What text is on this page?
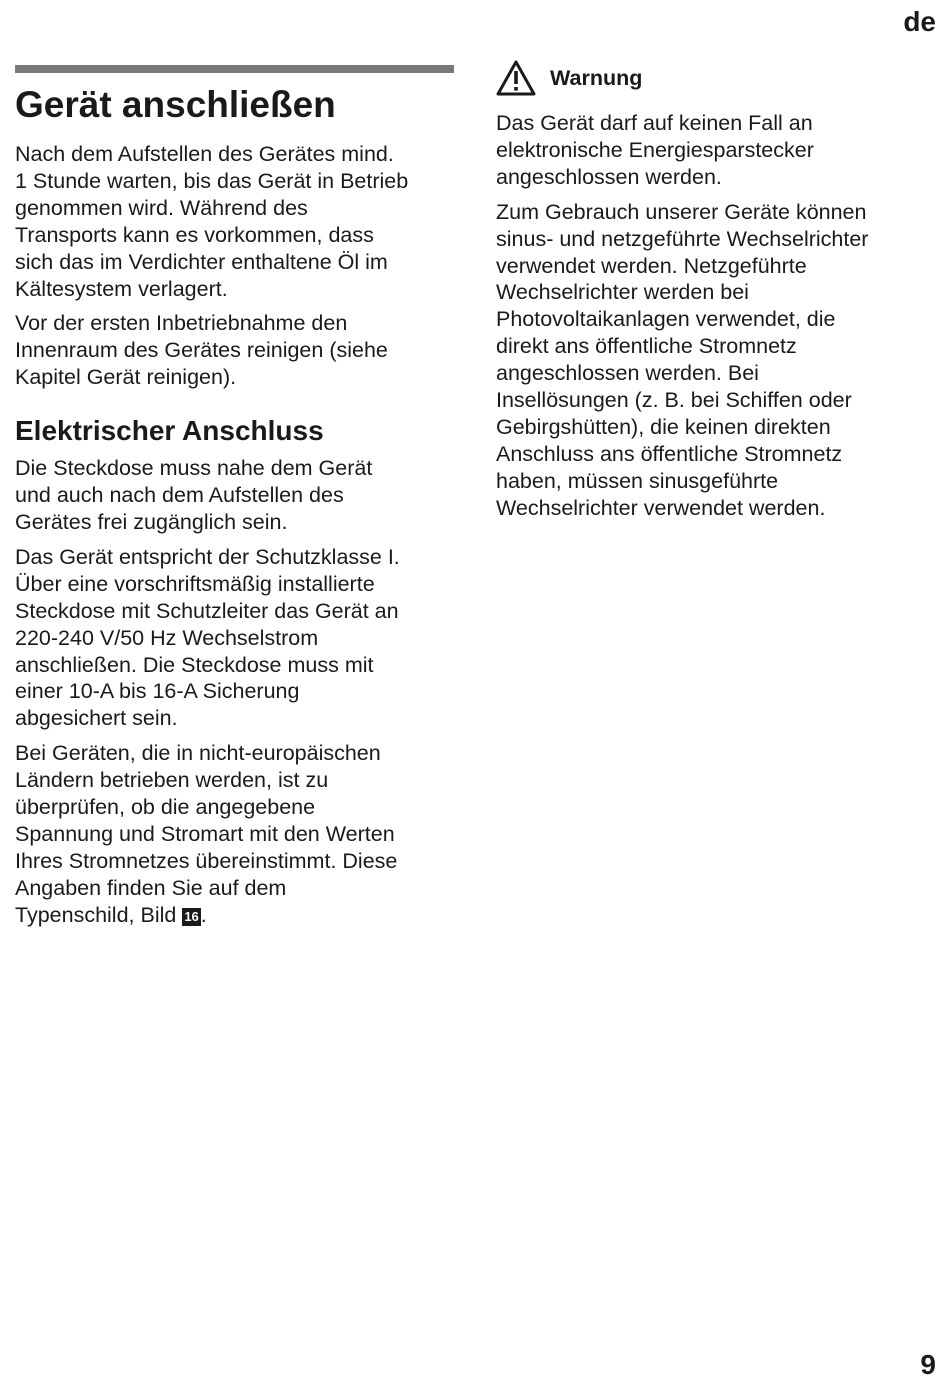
de
Gerät anschließen

Nach dem Aufstellen des Gerätes mind.
1 Stunde warten, bis das Gerät in Betrieb
genommen wird. Während des
Transports kann es vorkommen, dass
sich das im Verdichter enthaltene Öl im
Kältesystem verlagert.

Vor der ersten Inbetriebnahme den
Innenraum des Gerätes reinigen (siehe
Kapitel Gerät reinigen).

Elektrischer Anschluss

Die Steckdose muss nahe dem Gerät
und auch nach dem Aufstellen des
Gerätes frei zugänglich sein.

Das Gerät entspricht der Schutzklasse I.
Über eine vorschriftsmäßig installierte
Steckdose mit Schutzleiter das Gerät an
220-240 V/50 Hz Wechselstrom
anschließen. Die Steckdose muss mit
einer 10-A bis 16-A Sicherung
abgesichert sein.

Bei Geräten, die in nicht-europäischen
Ländern betrieben werden, ist zu
überprüfen, ob die angegebene
Spannung und Stromart mit den Werten
Ihres Stromnetzes übereinstimmt. Diese
Angaben finden Sie auf dem
Typenschild, Bild 16.

Warnung

Das Gerät darf auf keinen Fall an
elektronische Energiesparstecker
angeschlossen werden.

Zum Gebrauch unserer Geräte können
sinus- und netzgeführte Wechselrichter
verwendet werden. Netzgeführte
Wechselrichter werden bei
Photovoltaikanlagen verwendet, die
direkt ans öffentliche Stromnetz
angeschlossen werden. Bei
Insellösungen (z. B. bei Schiffen oder
Gebirgshütten), die keinen direkten
Anschluss ans öffentliche Stromnetz
haben, müssen sinusgeführte
Wechselrichter verwendet werden.

9
